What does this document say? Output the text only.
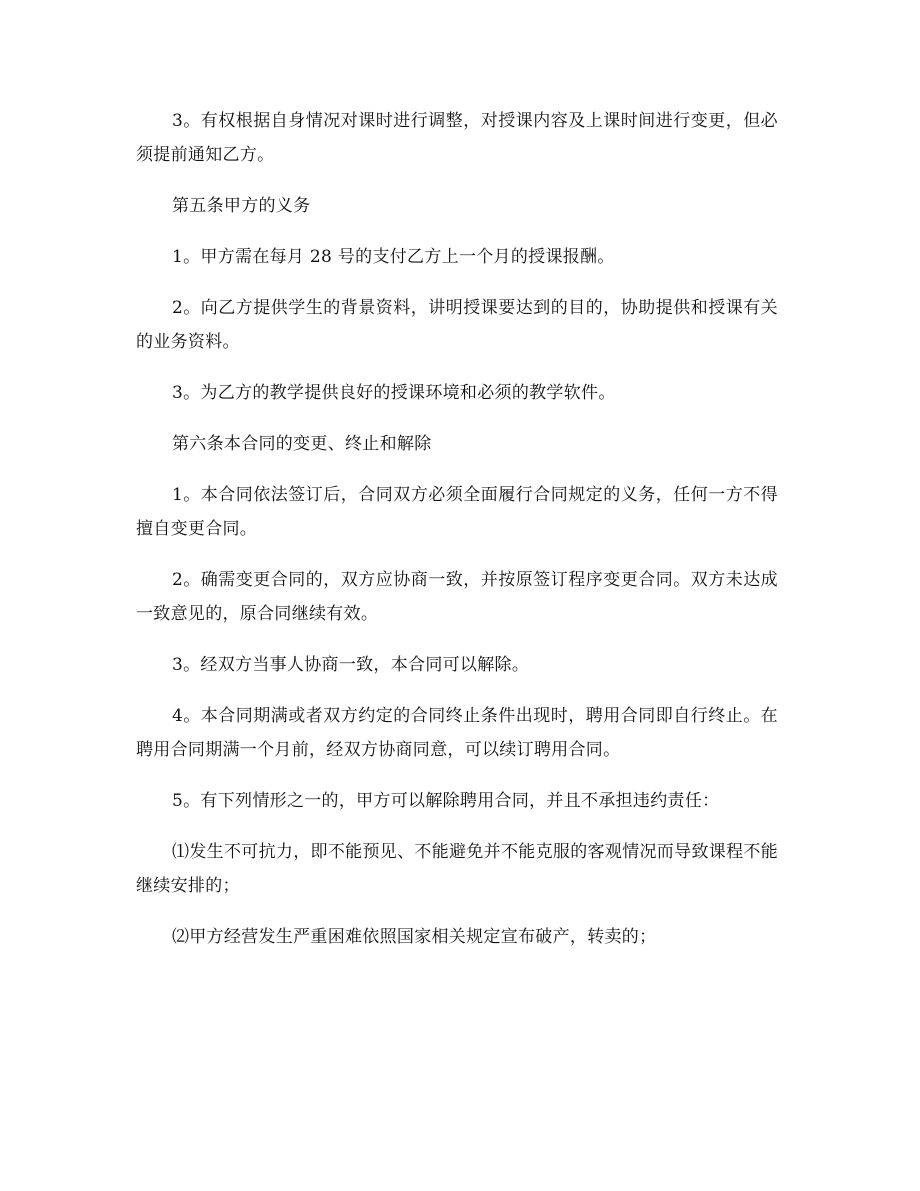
3。有权根据自身情况对课时进行调整，对授课内容及上课时间进行变更，但必须提前通知乙方。

第五条甲方的义务

1。甲方需在每月 28 号的支付乙方上一个月的授课报酬。

2。向乙方提供学生的背景资料，讲明授课要达到的目的，协助提供和授课有关的业务资料。

3。为乙方的教学提供良好的授课环境和必须的教学软件。

第六条本合同的变更、终止和解除

1。本合同依法签订后，合同双方必须全面履行合同规定的义务，任何一方不得擅自变更合同。

2。确需变更合同的，双方应协商一致，并按原签订程序变更合同。双方未达成一致意见的，原合同继续有效。

3。经双方当事人协商一致，本合同可以解除。

4。本合同期满或者双方约定的合同终止条件出现时，聘用合同即自行终止。在聘用合同期满一个月前，经双方协商同意，可以续订聘用合同。

5。有下列情形之一的，甲方可以解除聘用合同，并且不承担违约责任：

⑴发生不可抗力，即不能预见、不能避免并不能克服的客观情况而导致课程不能继续安排的；

⑵甲方经营发生严重困难依照国家相关规定宣布破产，转卖的；
